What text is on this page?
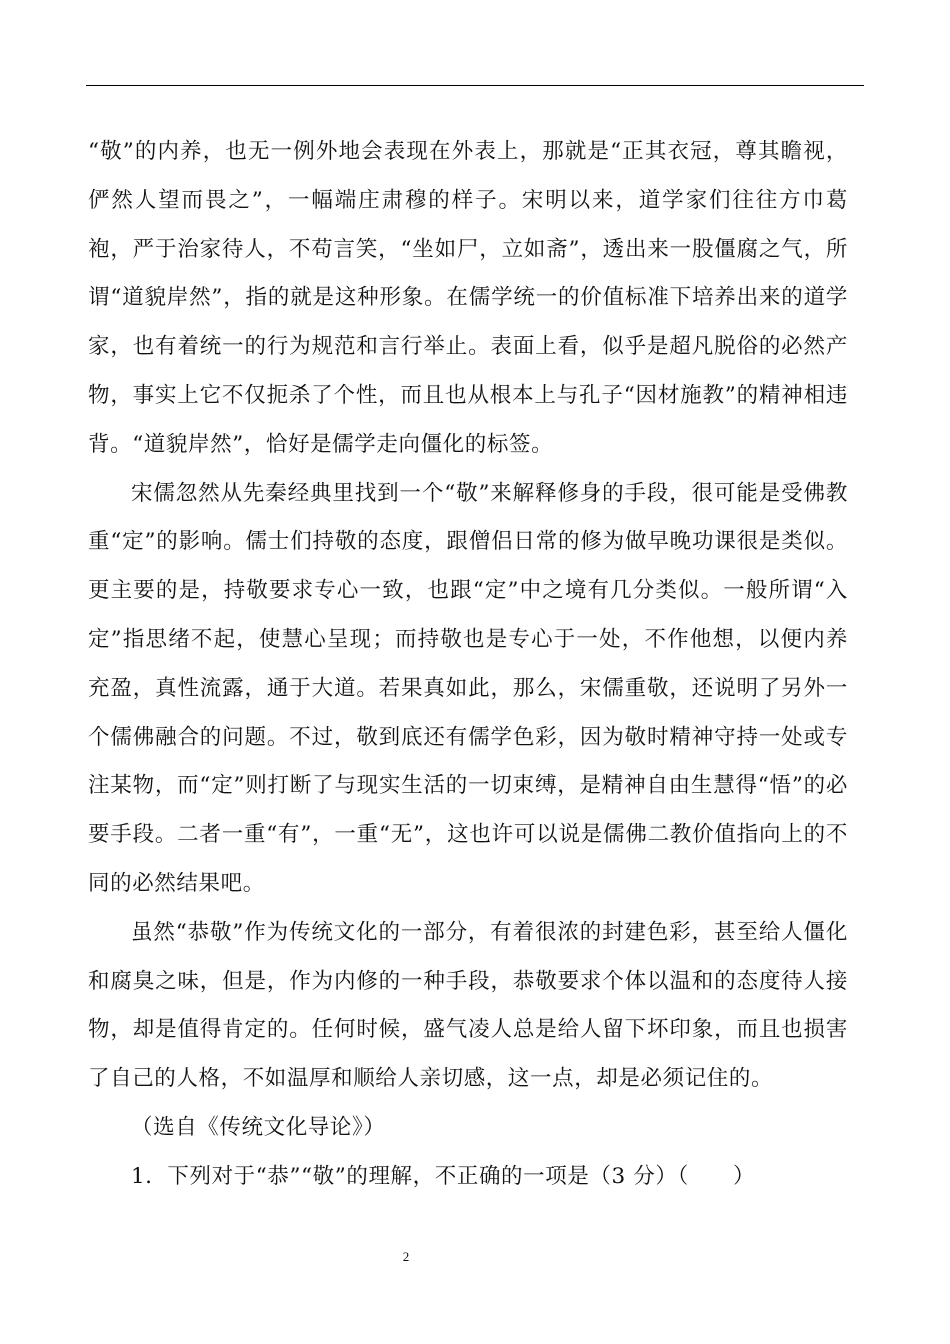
“敬”的内养，也无一例外地会表现在外表上，那就是“正其衣冠，尊其瞻视，俨然人望而畏之”，一幅端庄肃穆的样子。宋明以来，道学家们往往方巾葛袍，严于治家待人，不苟言笑，“坐如尸，立如斋”，透出来一股僵腐之气，所谓“道貌岸然”，指的就是这种形象。在儒学统一的价值标准下培养出来的道学家，也有着统一的行为规范和言行举止。表面上看，似乎是超凡脱俗的必然产物，事实上它不仅扼杀了个性，而且也从根本上与孔子“因材施教”的精神相违背。“道貌岸然”，恰好是儒学走向僵化的标签。

宋儒忽然从先秦经典里找到一个“敬”来解释修身的手段，很可能是受佛教重“定”的影响。儒士们持敬的态度，跟僧侣日常的修为做早晚功课很是类似。更主要的是，持敬要求专心一致，也跟“定”中之境有几分类似。一般所谓“入定”指思绪不起，使慧心呈现；而持敬也是专心于一处，不作他想，以便内养充盈，真性流露，通于大道。若果真如此，那么，宋儒重敬，还说明了另外一个儒佛融合的问题。不过，敬到底还有儒学色彩，因为敬时精神守持一处或专注某物，而“定”则打断了与现实生活的一切束缚，是精神自由生慧得“悟”的必要手段。二者一重“有”，一重“无”，这也许可以说是儒佛二教价值指向上的不同的必然结果吧。

虽然“恭敬”作为传统文化的一部分，有着很浓的封建色彩，甚至给人僵化和腐臭之味，但是，作为内修的一种手段，恭敬要求个体以温和的态度待人接物，却是值得肯定的。任何时候，盛气凌人总是给人留下坏印象，而且也损害了自己的人格，不如温厚和顺给人亲切感，这一点，却是必须记住的。

（选自《传统文化导论》）

1．下列对于“恭”“敬”的理解，不正确的一项是（3 分）（　　）

2
